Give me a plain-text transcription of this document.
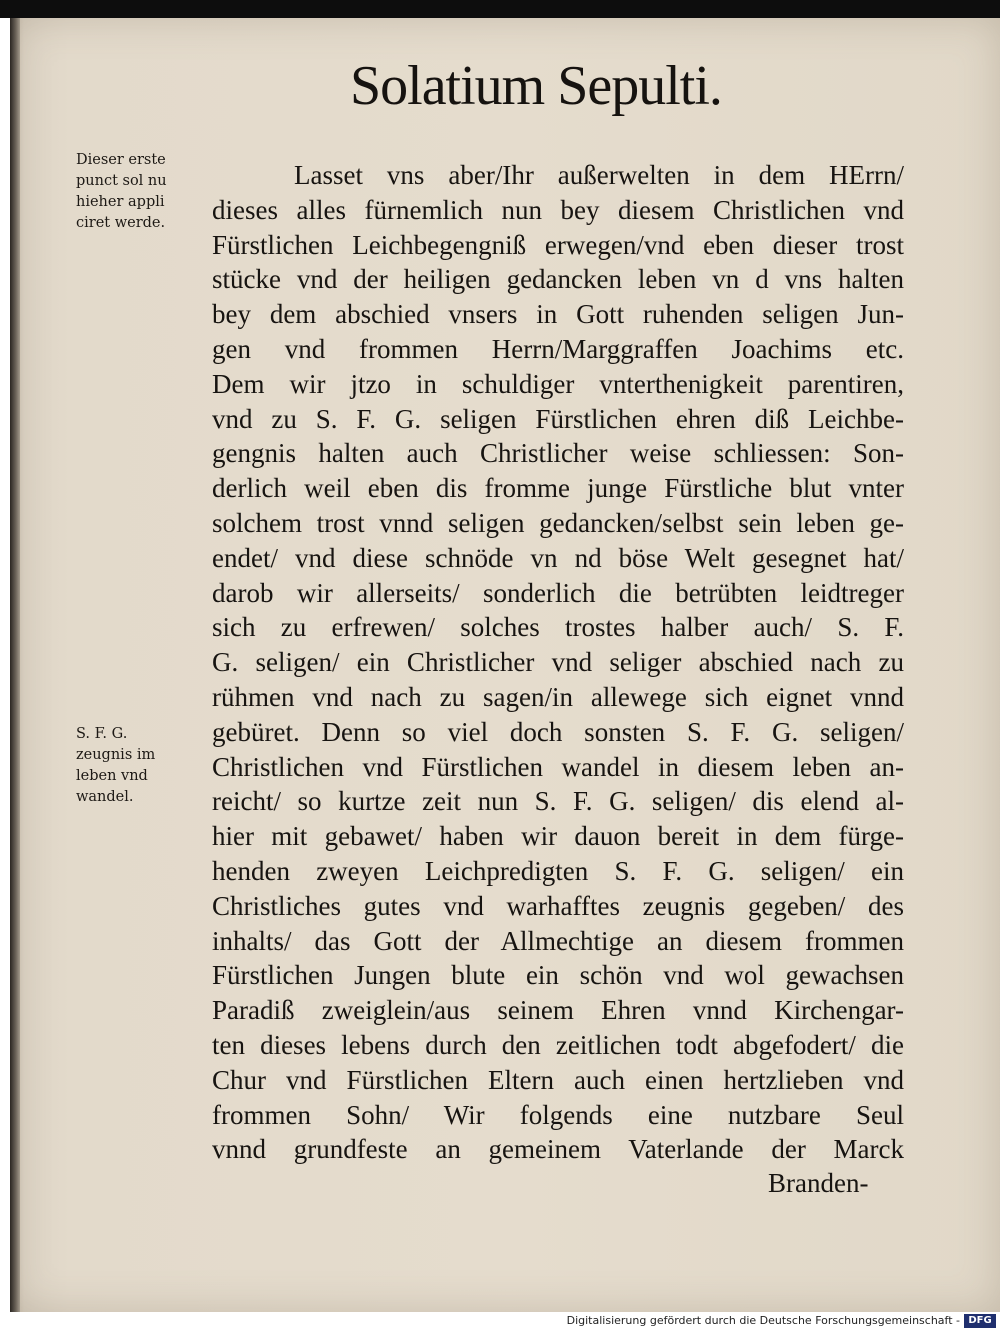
Solatium Sepulti.
Dieser erste
punct sol nu
hieher appli
ciret werde.
S. F. G.
zeugnis im
leben vnd
wandel.
Lasset vns aber/Ihr außerwelten in dem HErrn/
dieses alles fürnemlich nun bey diesem Christlichen vnd
Fürstlichen Leichbegengniß erwegen/vnd eben dieser trost
stücke vnd der heiligen gedancken leben vn d vns halten
bey dem abschied vnsers in Gott ruhenden seligen Jun-
gen vnd frommen Herrn/Marggraffen Joachims etc.
Dem wir jtzo in schuldiger vnterthenigkeit parentiren,
vnd zu S. F. G. seligen Fürstlichen ehren diß Leichbe-
gengnis halten auch Christlicher weise schliessen: Son-
derlich weil eben dis fromme junge Fürstliche blut vnter
solchem trost vnnd seligen gedancken/selbst sein leben ge-
endet/ vnd diese schnöde vn nd böse Welt gesegnet hat/
darob wir allerseits/ sonderlich die betrübten leidtreger
sich zu erfrewen/ solches trostes halber auch/ S. F.
G. seligen/ ein Christlicher vnd seliger abschied nach zu
rühmen vnd nach zu sagen/in allewege sich eignet vnnd
gebüret. Denn so viel doch sonsten S. F. G. seligen/
Christlichen vnd Fürstlichen wandel in diesem leben an-
reicht/ so kurtze zeit nun S. F. G. seligen/ dis elend al-
hier mit gebawet/ haben wir dauon bereit in dem fürge-
henden zweyen Leichpredigten S. F. G. seligen/ ein
Christliches gutes vnd warhafftes zeugnis gegeben/ des
inhalts/ das Gott der Allmechtige an diesem frommen
Fürstlichen Jungen blute ein schön vnd wol gewachsen
Paradiß zweiglein/aus seinem Ehren vnnd Kirchengar-
ten dieses lebens durch den zeitlichen todt abgefodert/ die
Chur vnd Fürstlichen Eltern auch einen hertzlieben vnd
frommen Sohn/ Wir folgends eine nutzbare Seul
vnnd grundfeste an gemeinem Vaterlande der Marck
Branden-
Digitalisierung gefördert durch die Deutsche Forschungsgemeinschaft - DFG
